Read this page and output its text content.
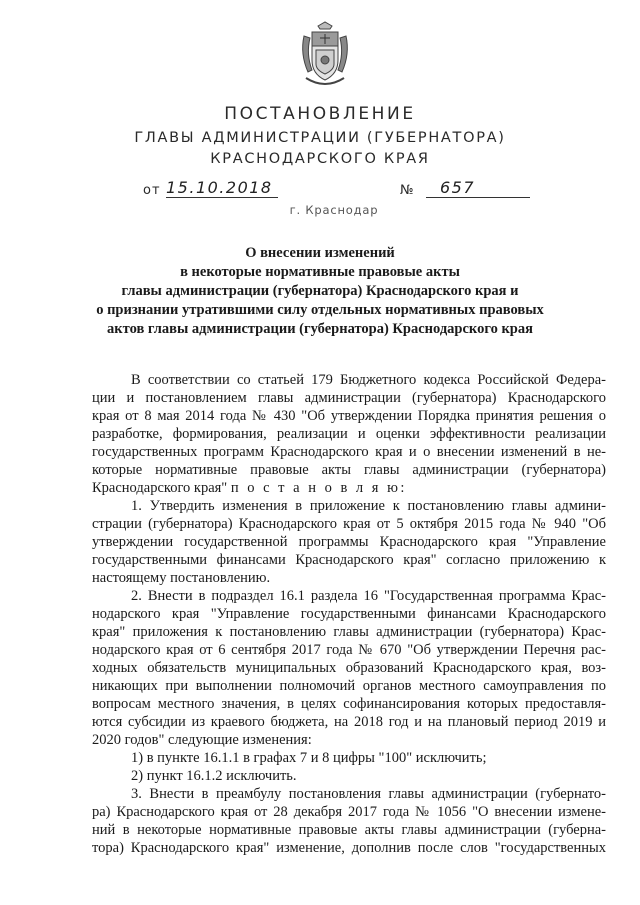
ПОСТАНОВЛЕНИЕ
ГЛАВЫ АДМИНИСТРАЦИИ (ГУБЕРНАТОРА)
КРАСНОДАРСКОГО КРАЯ
от 15.10.2018	№	657
г. Краснодар
О внесении изменений
в некоторые нормативные правовые акты
главы администрации (губернатора) Краснодарского края и
о признании утратившими силу отдельных нормативных правовых
актов главы администрации (губернатора) Краснодарского края
В соответствии со статьей 179 Бюджетного кодекса Российской Федера-
ции и постановлением главы администрации (губернатора) Краснодарского
края от 8 мая 2014 года № 430 "Об утверждении Порядка принятия решения о
разработке, формирования, реализации и оценки эффективности реализации
государственных программ Краснодарского края и о внесении изменений в не-
которые нормативные правовые акты главы администрации (губернатора)
Краснодарского края" п о с т а н о в л я ю:
1. Утвердить изменения в приложение к постановлению главы админи-
страции (губернатора) Краснодарского края от 5 октября 2015 года № 940 "Об
утверждении государственной программы Краснодарского края "Управление
государственными финансами Краснодарского края" согласно приложению к
настоящему постановлению.
2. Внести в подраздел 16.1 раздела 16 "Государственная программа Крас-
нодарского края "Управление государственными финансами Краснодарского
края" приложения к постановлению главы администрации (губернатора) Крас-
нодарского края от 6 сентября 2017 года № 670 "Об утверждении Перечня рас-
ходных обязательств муниципальных образований Краснодарского края, воз-
никающих при выполнении полномочий органов местного самоуправления по
вопросам местного значения, в целях софинансирования которых предоставля-
ются субсидии из краевого бюджета, на 2018 год и на плановый период 2019 и
2020 годов" следующие изменения:
1) в пункте 16.1.1 в графах 7 и 8 цифры "100" исключить;
2) пункт 16.1.2 исключить.
3. Внести в преамбулу постановления главы администрации (губернато-
ра) Краснодарского края от 28 декабря 2017 года № 1056 "О внесении измене-
ний в некоторые нормативные правовые акты главы администрации (губерна-
тора) Краснодарского края" изменение, дополнив после слов "государственных
